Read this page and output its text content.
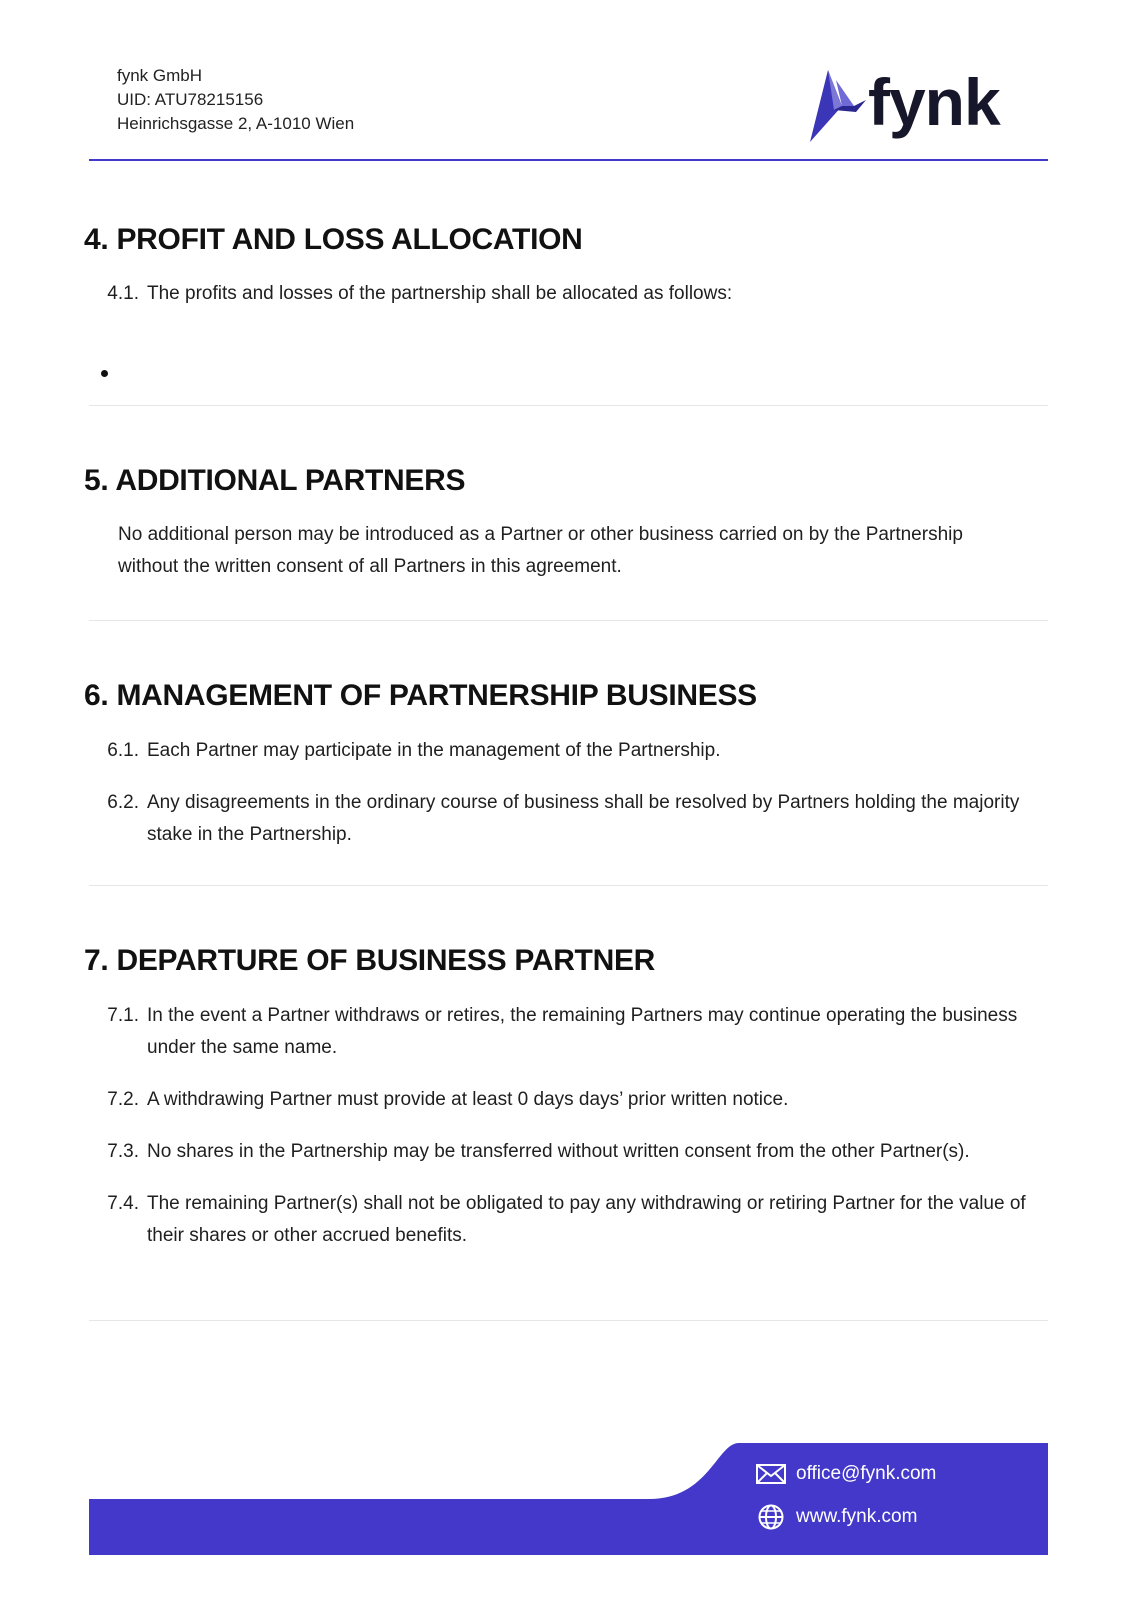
fynk GmbH
UID: ATU78215156
Heinrichsgasse 2, A-1010 Wien	fynk
4. PROFIT AND LOSS ALLOCATION
4.1. The profits and losses of the partnership shall be allocated as follows:
5. ADDITIONAL PARTNERS
No additional person may be introduced as a Partner or other business carried on by the Partnership without the written consent of all Partners in this agreement.
6. MANAGEMENT OF PARTNERSHIP BUSINESS
6.1. Each Partner may participate in the management of the Partnership.
6.2. Any disagreements in the ordinary course of business shall be resolved by Partners holding the majority stake in the Partnership.
7. DEPARTURE OF BUSINESS PARTNER
7.1. In the event a Partner withdraws or retires, the remaining Partners may continue operating the business under the same name.
7.2. A withdrawing Partner must provide at least 0 days days’ prior written notice.
7.3. No shares in the Partnership may be transferred without written consent from the other Partner(s).
7.4. The remaining Partner(s) shall not be obligated to pay any withdrawing or retiring Partner for the value of their shares or other accrued benefits.
office@fynk.com
www.fynk.com
